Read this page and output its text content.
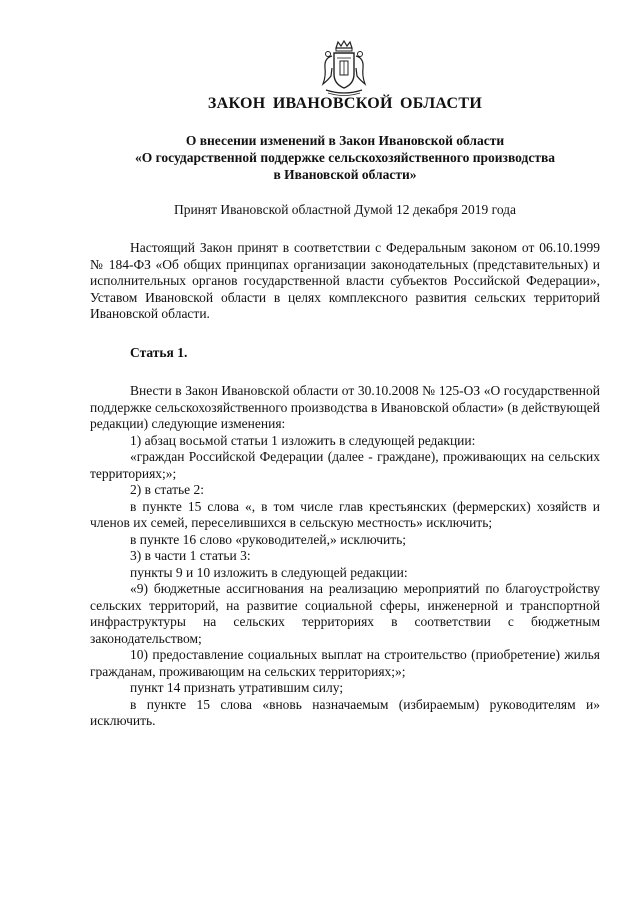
ЗАКОН ИВАНОВСКОЙ ОБЛАСТИ
О внесении изменений в Закон Ивановской области
«О государственной поддержке сельскохозяйственного производства
в Ивановской области»
Принят Ивановской областной Думой 12 декабря 2019 года

Настоящий Закон принят в соответствии с Федеральным законом от 06.10.1999 № 184-ФЗ «Об общих принципах организации законодательных (представительных) и исполнительных органов государственной власти субъектов Российской Федерации», Уставом Ивановской области в целях комплексного развития сельских территорий Ивановской области.

Статья 1.

Внести в Закон Ивановской области от 30.10.2008 № 125-ОЗ «О государственной поддержке сельскохозяйственного производства в Ивановской области» (в действующей редакции) следующие изменения:

1) абзац восьмой статьи 1 изложить в следующей редакции:

«граждан Российской Федерации (далее - граждане), проживающих на сельских территориях;»;

2) в статье 2:

в пункте 15 слова «, в том числе глав крестьянских (фермерских) хозяйств и членов их семей, переселившихся в сельскую местность» исключить;

в пункте 16 слово «руководителей,» исключить;

3) в части 1 статьи 3:

пункты 9 и 10 изложить в следующей редакции:

«9) бюджетные ассигнования на реализацию мероприятий по благоустройству сельских территорий, на развитие социальной сферы, инженерной и транспортной инфраструктуры на сельских территориях в соответствии с бюджетным законодательством;

10) предоставление социальных выплат на строительство (приобретение) жилья гражданам, проживающим на сельских территориях;»;

пункт 14 признать утратившим силу;

в пункте 15 слова «вновь назначаемым (избираемым) руководителям и» исключить.
